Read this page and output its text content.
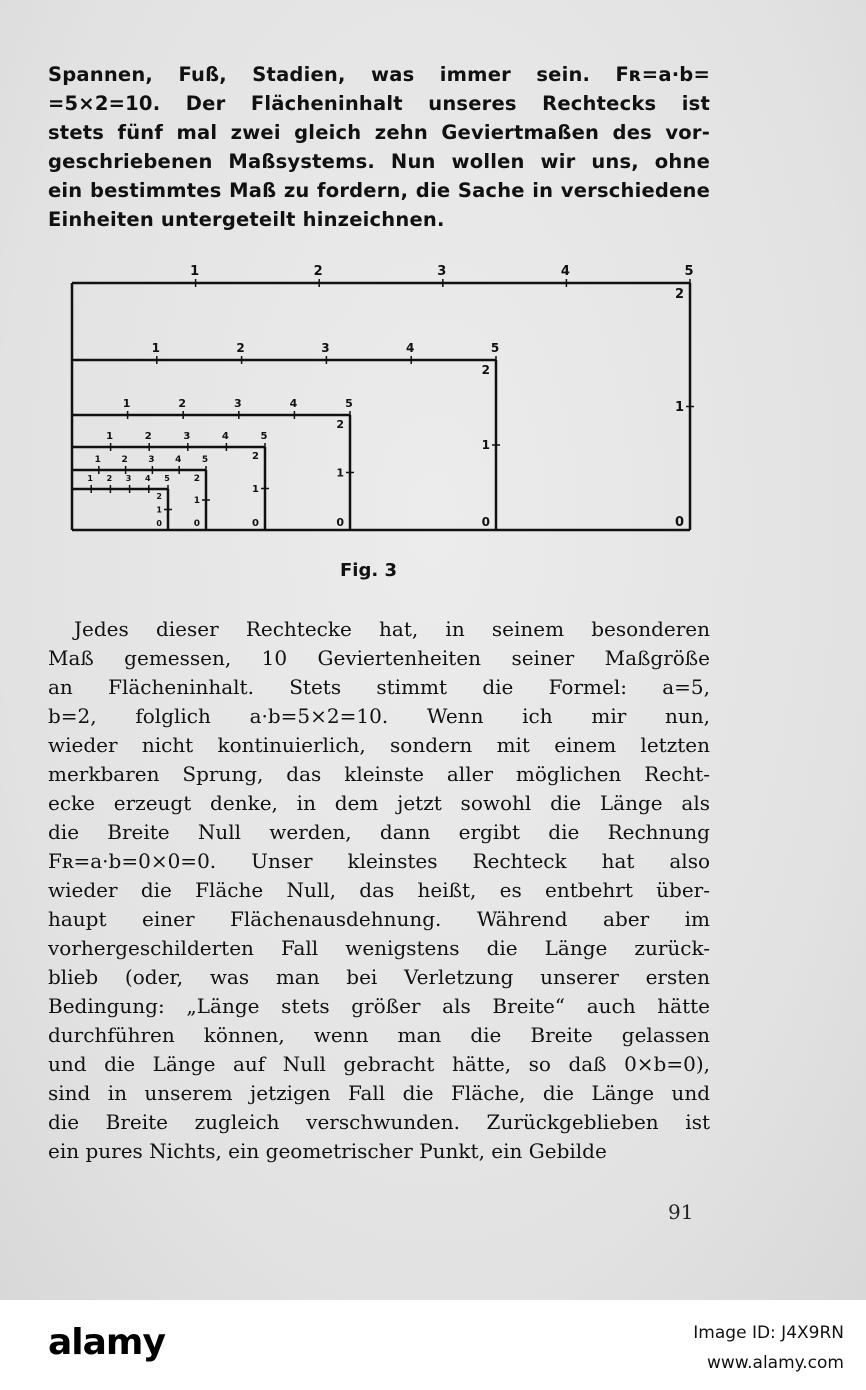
Spannen, Fuß, Stadien, was immer sein. Fʀ=a·b=
=5×2=10. Der Flächeninhalt unseres Rechtecks ist
stets fünf mal zwei gleich zehn Geviertmaßen des vor-
geschriebenen Maßsystems. Nun wollen wir uns, ohne
ein bestimmtes Maß zu fordern, die Sache in verschiedene
Einheiten untergeteilt hinzeichnen.
1	2	3	4	5
0
1
2
1	2	3	4	5
0
1
2
1	2	3	4	5
0
1
2
1	2	3	4	5
0
1
2
1 2 3 4 5
0
1
2
1 2 3 4 5
0
1
2
Fig. 3
Jedes dieser Rechtecke hat, in seinem besonderen
Maß gemessen, 10 Geviertenheiten seiner Maßgröße
an Flächeninhalt. Stets stimmt die Formel: a=5,
b=2, folglich a·b=5×2=10. Wenn ich mir nun,
wieder nicht kontinuierlich, sondern mit einem letzten
merkbaren Sprung, das kleinste aller möglichen Recht-
ecke erzeugt denke, in dem jetzt sowohl die Länge als
die Breite Null werden, dann ergibt die Rechnung
Fʀ=a·b=0×0=0. Unser kleinstes Rechteck hat also
wieder die Fläche Null, das heißt, es entbehrt über-
haupt einer Flächenausdehnung. Während aber im
vorhergeschilderten Fall wenigstens die Länge zurück-
blieb (oder, was man bei Verletzung unserer ersten
Bedingung: „Länge stets größer als Breite“ auch hätte
durchführen können, wenn man die Breite gelassen
und die Länge auf Null gebracht hätte, so daß 0×b=0),
sind in unserem jetzigen Fall die Fläche, die Länge und
die Breite zugleich verschwunden. Zurückgeblieben ist
ein pures Nichts, ein geometrischer Punkt, ein Gebilde
91
alamy	Image ID: J4X9RN
www.alamy.com
